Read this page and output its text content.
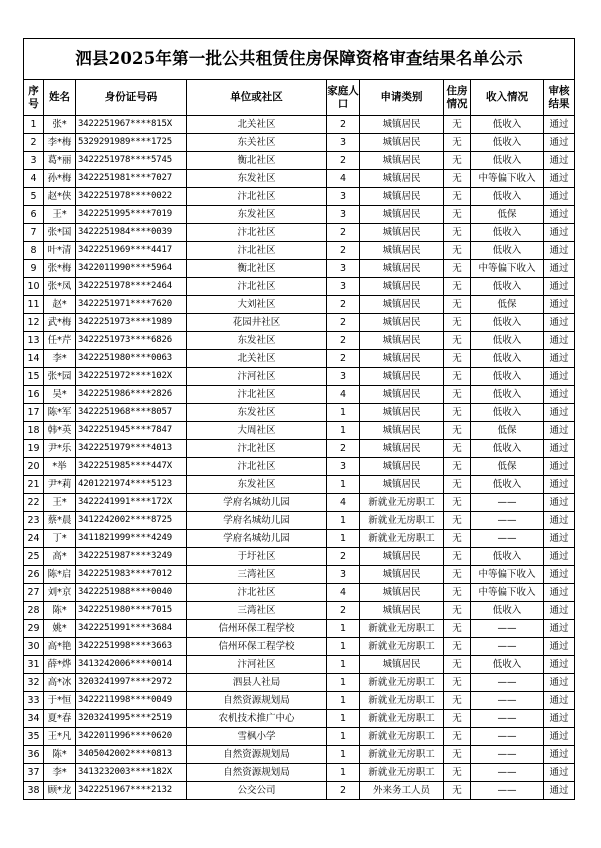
泗县2025年第一批公共租赁住房保障资格审查结果名单公示								
序号	姓名	身份证号码	单位或社区	家庭人口	申请类别	住房情况	收入情况	审核结果
1	张*	3422251967****815X	北关社区	2	城镇居民	无	低收入	通过
2	李*梅	5329291989****1725	东关社区	3	城镇居民	无	低收入	通过
3	葛*丽	3422251978****5745	衡北社区	2	城镇居民	无	低收入	通过
4	孙*梅	3422251981****7027	东发社区	4	城镇居民	无	中等偏下收入	通过
5	赵*侠	3422251978****0022	汴北社区	3	城镇居民	无	低收入	通过
6	王*	3422251995****7019	东发社区	3	城镇居民	无	低保	通过
7	张*国	3422251984****0039	汴北社区	2	城镇居民	无	低收入	通过
8	叶*清	3422251969****4417	汴北社区	2	城镇居民	无	低收入	通过
9	张*梅	3422011990****5964	衡北社区	3	城镇居民	无	中等偏下收入	通过
10	张*凤	3422251978****2464	汴北社区	3	城镇居民	无	低收入	通过
11	赵*	3422251971****7620	大刘社区	2	城镇居民	无	低保	通过
12	武*梅	3422251973****1989	花园井社区	2	城镇居民	无	低收入	通过
13	任*芹	3422251973****6826	东发社区	2	城镇居民	无	低收入	通过
14	李*	3422251980****0063	北关社区	2	城镇居民	无	低收入	通过
15	张*园	3422251972****102X	汴河社区	3	城镇居民	无	低收入	通过
16	吴*	3422251986****2826	汴北社区	4	城镇居民	无	低收入	通过
17	陈*军	3422251968****8057	东发社区	1	城镇居民	无	低收入	通过
18	韩*英	3422251945****7847	大周社区	1	城镇居民	无	低保	通过
19	尹*乐	3422251979****4013	汴北社区	2	城镇居民	无	低收入	通过
20	*举	3422251985****447X	汴北社区	3	城镇居民	无	低保	通过
21	尹*莉	4201221974****5123	东发社区	1	城镇居民	无	低收入	通过
22	王*	3422241991****172X	学府名城幼儿园	4	新就业无房职工	无	——	通过
23	蔡*晨	3412242002****8725	学府名城幼儿园	1	新就业无房职工	无	——	通过
24	丁*	3411821999****4249	学府名城幼儿园	1	新就业无房职工	无	——	通过
25	高*	3422251987****3249	于圩社区	2	城镇居民	无	低收入	通过
26	陈*启	3422251983****7012	三湾社区	3	城镇居民	无	中等偏下收入	通过
27	刘*京	3422251988****0040	汴北社区	4	城镇居民	无	中等偏下收入	通过
28	陈*	3422251980****7015	三湾社区	2	城镇居民	无	低收入	通过
29	姚*	3422251991****3684	信州环保工程学校	1	新就业无房职工	无	——	通过
30	高*艳	3422251998****3663	信州环保工程学校	1	新就业无房职工	无	——	通过
31	薛*烨	3413242006****0014	汴河社区	1	城镇居民	无	低收入	通过
32	高*冰	3203241997****2972	泗县人社局	1	新就业无房职工	无	——	通过
33	于*恒	3422211998****0049	自然资源规划局	1	新就业无房职工	无	——	通过
34	夏*春	3203241995****2519	农机技术推广中心	1	新就业无房职工	无	——	通过
35	王*凡	3422011996****0620	雪枫小学	1	新就业无房职工	无	——	通过
36	陈*	3405042002****0813	自然资源规划局	1	新就业无房职工	无	——	通过
37	李*	3413232003****182X	自然资源规划局	1	新就业无房职工	无	——	通过
38	顾*龙	3422251967****2132	公交公司	2	外来务工人员	无	——	通过
